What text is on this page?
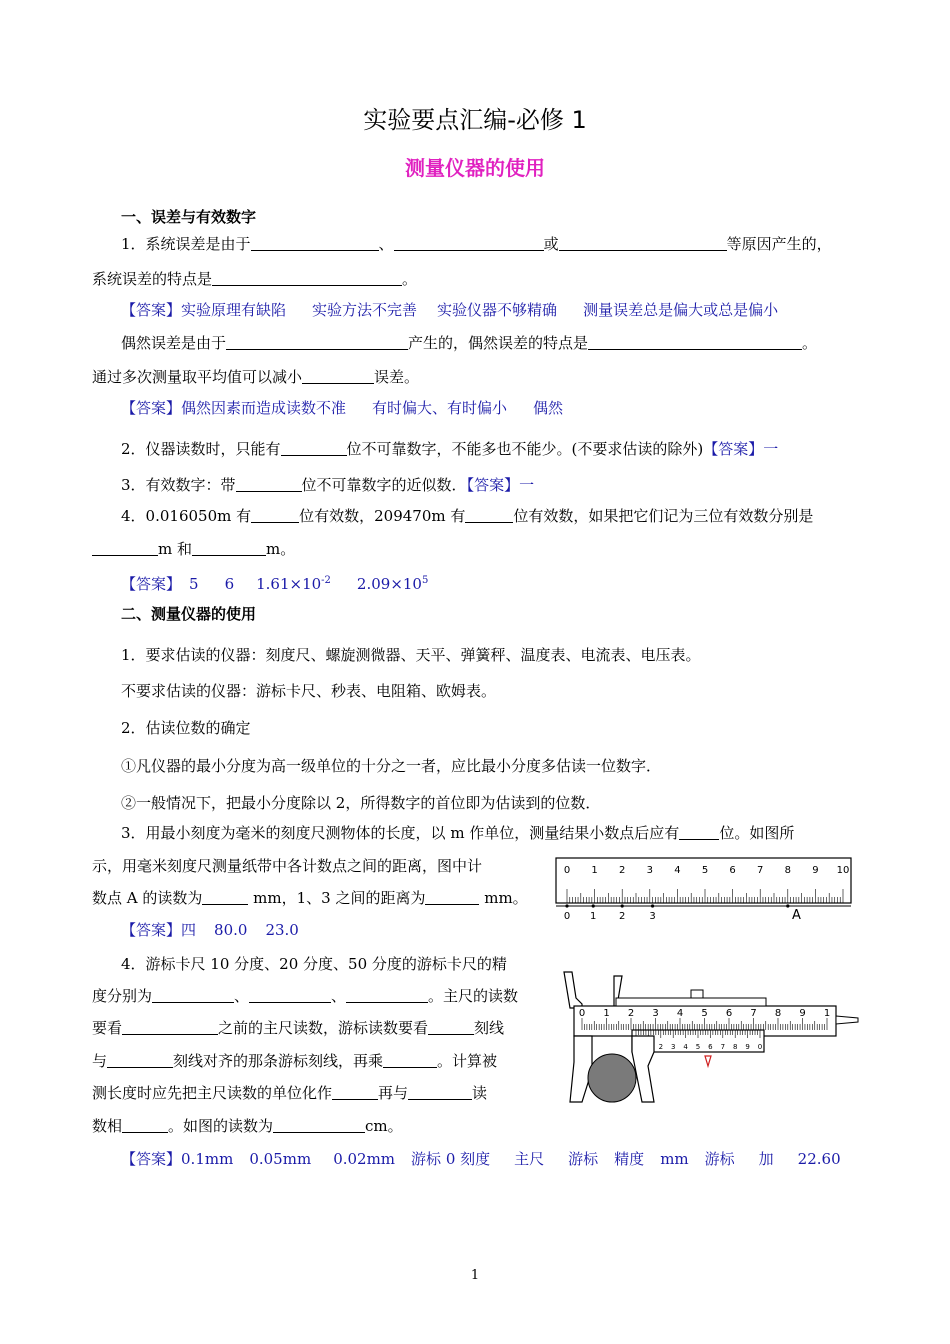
实验要点汇编-必修 1
测量仪器的使用
一、误差与有效数字
1．系统误差是由于	、	或	等原因产生的，
系统误差的特点是	。
【答案】实验原理有缺陷 实验方法不完善 实验仪器不够精确 测量误差总是偏大或总是偏小
偶然误差是由于	产生的，偶然误差的特点是	。
通过多次测量取平均值可以减小	误差。
【答案】偶然因素而造成读数不准 有时偏大、有时偏小 偶然
2．仪器读数时，只能有	位不可靠数字，不能多也不能少。(不要求估读的除外)【答案】一
3．有效数字：带	位不可靠数字的近似数．【答案】一
4．0.016050m 有	位有效数，209470m 有	位有效数，如果把它们记为三位有效数分别是
m 和	m。
【答案】 5 6 $1.61\times 10^{-2}$ $2.09\times 10^5$
二、测量仪器的使用
1．要求估读的仪器：刻度尺、螺旋测微器、天平、弹簧秤、温度表、电流表、电压表。
不要求估读的仪器：游标卡尺、秒表、电阻箱、欧姆表。
2．估读位数的确定
①凡仪器的最小分度为高一级单位的十分之一者，应比最小分度多估读一位数字．
②一般情况下，把最小分度除以 2，所得数字的首位即为估读到的位数．
3．用最小刻度为毫米的刻度尺测物体的长度，以 m 作单位，测量结果小数点后应有	位。如图所
示，用毫米刻度尺测量纸带中各计数点之间的距离，图中计
数点 A 的读数为	mm，1、3 之间的距离为	mm。
【答案】四 80.0 23.0
4．游标卡尺 10 分度、20 分度、50 分度的游标卡尺的精
度分别为	、	、	。主尺的读数
要看	之前的主尺读数，游标读数要看	刻线
与	刻线对齐的那条游标刻线，再乘	。计算被
测长度时应先把主尺读数的单位化作	再与	读
数相	。如图的读数为	cm。
【答案】0.1mm 0.05mm 0.02mm 游标 0 刻度 主尺 游标 精度 mm 游标 加 22.60
0 1 2 3 4 5 6 7 8 9 10
0 1 2 3	A
0 1 2 3 4 5 6 7 8 9 1
2 3 4 5 6 7 8 9 0
1
